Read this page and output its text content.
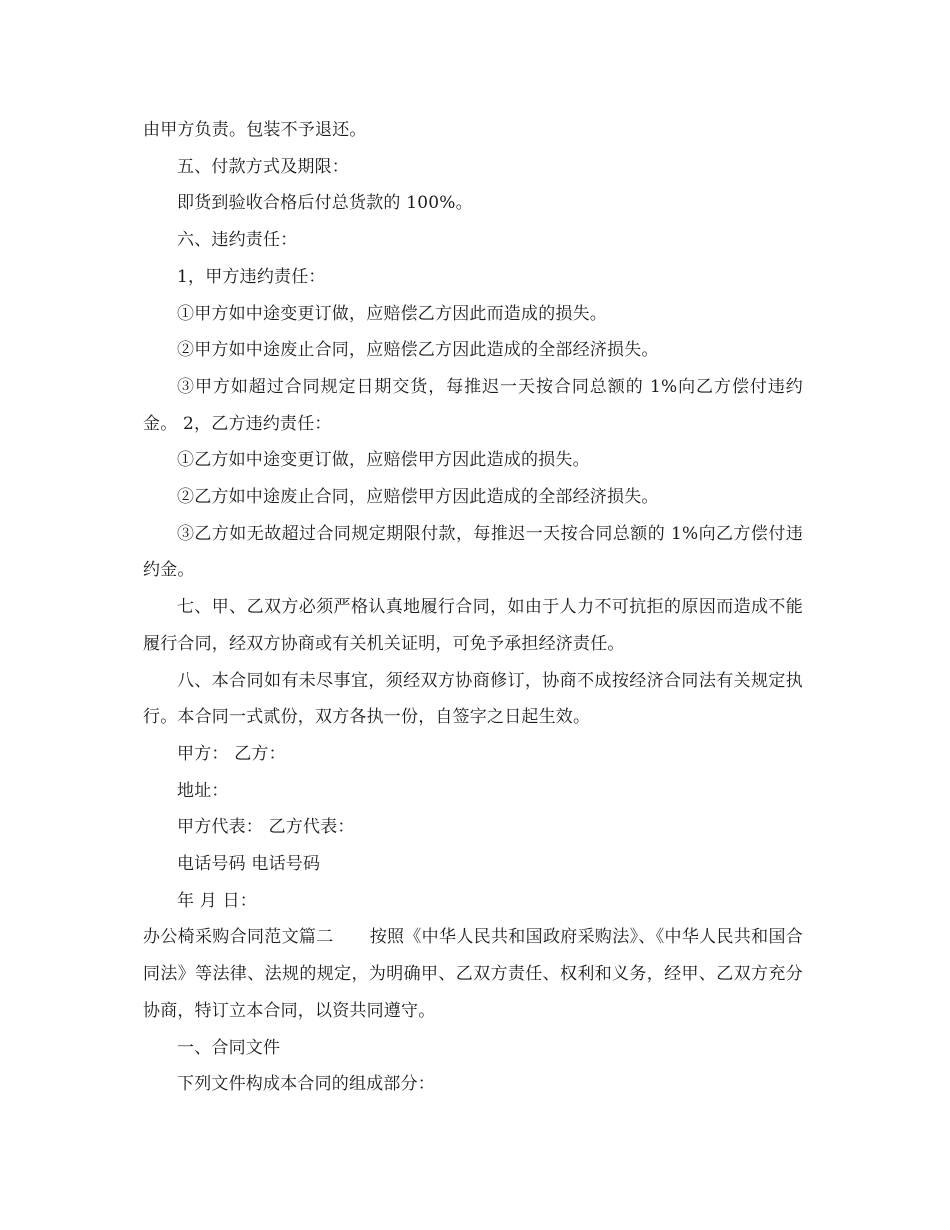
由甲方负责。包装不予退还。

五、付款方式及期限：

即货到验收合格后付总货款的 100%。

六、违约责任：

1，甲方违约责任：

①甲方如中途变更订做，应赔偿乙方因此而造成的损失。

②甲方如中途废止合同，应赔偿乙方因此造成的全部经济损失。

③甲方如超过合同规定日期交货，每推迟一天按合同总额的 1%向乙方偿付违约金。 2，乙方违约责任：

①乙方如中途变更订做，应赔偿甲方因此造成的损失。

②乙方如中途废止合同，应赔偿甲方因此造成的全部经济损失。

③乙方如无故超过合同规定期限付款，每推迟一天按合同总额的 1%向乙方偿付违约金。

七、甲、乙双方必须严格认真地履行合同，如由于人力不可抗拒的原因而造成不能履行合同，经双方协商或有关机关证明，可免予承担经济责任。

八、本合同如有未尽事宜，须经双方协商修订，协商不成按经济合同法有关规定执行。本合同一式贰份，双方各执一份，自签字之日起生效。

甲方： 乙方：

地址：

甲方代表： 乙方代表：

电话号码 电话号码

年 月 日：

办公椅采购合同范文篇二 按照《中华人民共和国政府采购法》、《中华人民共和国合同法》等法律、法规的规定，为明确甲、乙双方责任、权利和义务，经甲、乙双方充分协商，特订立本合同，以资共同遵守。

一、合同文件

下列文件构成本合同的组成部分：
